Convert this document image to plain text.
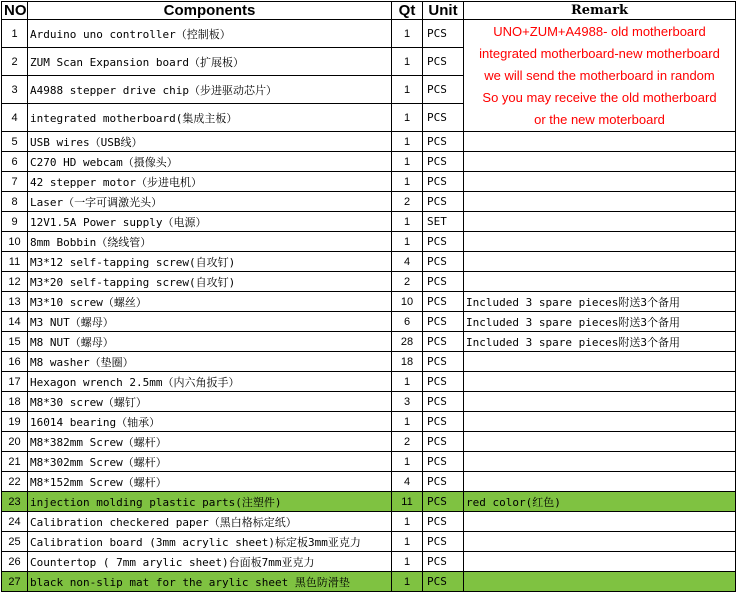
NO	Components	Qt	Unit	Remark
1	Arduino uno controller（控制板）	1	PCS	UNO+ZUM+A4988- old motherboard
integrated motherboard-new motherboard
we will send the motherboard in random
So you may receive the old motherboard
or the new moterboard

2	ZUM Scan Expansion board（扩展板）	1	PCS	
3	A4988 stepper drive chip（步进驱动芯片）	1	PCS	
4	integrated motherboard(集成主板）	1	PCS	
5	USB wires（USB线）	1	PCS	
6	C270 HD webcam（摄像头）	1	PCS	
7	42 stepper motor（步进电机）	1	PCS	
8	Laser（一字可调激光头）	2	PCS	
9	12V1.5A Power supply（电源）	1	SET	
10	8mm Bobbin（绕线管）	1	PCS	
11	M3*12 self-tapping screw(自攻钉)	4	PCS	
12	M3*20 self-tapping screw(自攻钉)	2	PCS	
13	M3*10 screw（螺丝）	10	PCS	Included 3 spare pieces附送3个备用
14	M3 NUT（螺母）	6	PCS	Included 3 spare pieces附送3个备用
15	M8 NUT（螺母）	28	PCS	Included 3 spare pieces附送3个备用
16	M8 washer（垫圈）	18	PCS	
17	Hexagon wrench 2.5mm（内六角扳手）	1	PCS	
18	M8*30 screw（螺钉）	3	PCS	
19	16014 bearing（轴承）	1	PCS	
20	M8*382mm Screw（螺杆）	2	PCS	
21	M8*302mm Screw（螺杆）	1	PCS	
22	M8*152mm Screw（螺杆）	4	PCS	
23	injection molding plastic parts(注塑件)	11	PCS	red color(红色)
24	Calibration checkered paper（黑白格标定纸）	1	PCS	
25	Calibration board (3mm acrylic sheet)标定板3mm亚克力	1	PCS	
26	Countertop ( 7mm arylic sheet)台面板7mm亚克力	1	PCS	
27	black non-slip mat for the arylic sheet 黑色防滑垫	1	PCS	
